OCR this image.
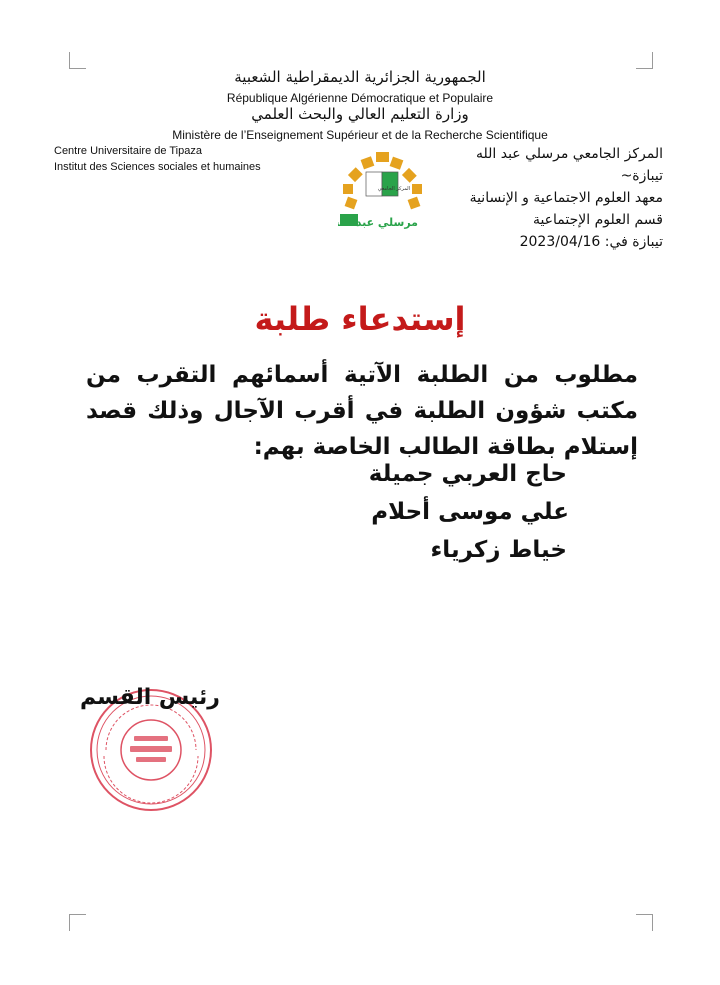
الجمهورية الجزائرية الديمقراطية الشعبية
République Algérienne Démocratique et Populaire
وزارة التعليم العالي والبحث العلمي
Ministère de l’Enseignement Supérieur et de la Recherche Scientifique
Centre Universitaire de Tipaza
Institut des Sciences sociales et humaines
المركز الجامعي
مرسلي عبد الله
المركز الجامعي مرسلي عبد الله
تيبازة~
معهد العلوم الاجتماعية و الإنسانية
قسم العلوم الإجتماعية
تيبازة في: 2023/04/16
إستدعاء طلبة
مطلوب من الطلبة الآتية أسمائهم التقرب من مكتب شؤون الطلبة في أقرب الآجال وذلك قصد إستلام بطاقة الطالب الخاصة بهم:
حاج العربي جميلة
علي موسى أحلام
خياط زكرياء
رئيس القسم
